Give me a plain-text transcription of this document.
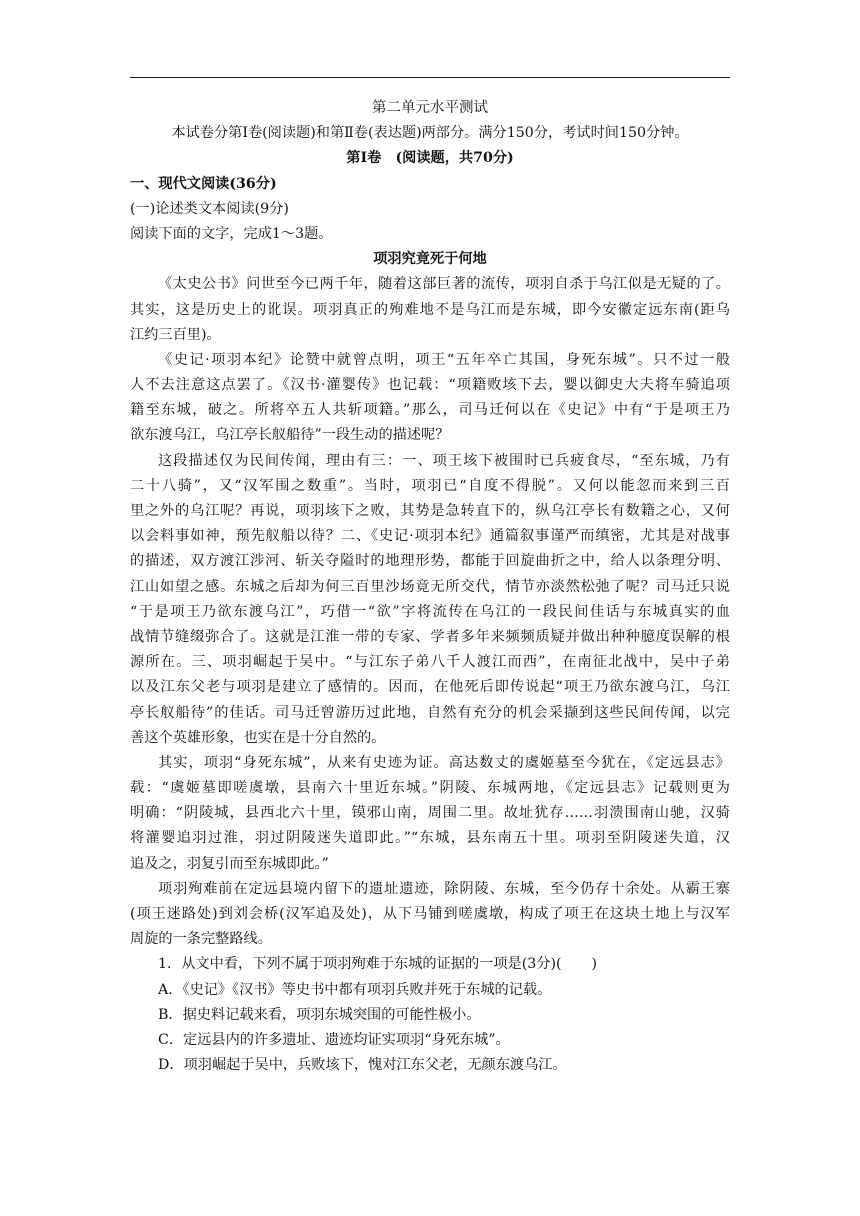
第二单元水平测试
本试卷分第Ⅰ卷(阅读题)和第Ⅱ卷(表达题)两部分。满分150分，考试时间150分钟。
第Ⅰ卷　(阅读题，共70分)
一、现代文阅读(36分)
(一)论述类文本阅读(9分)
阅读下面的文字，完成1～3题。
项羽究竟死于何地
《太史公书》问世至今已两千年，随着这部巨著的流传，项羽自杀于乌江似是无疑的了。
其实，这是历史上的讹误。项羽真正的殉难地不是乌江而是东城，即今安徽定远东南(距乌
江约三百里)。
《史记·项羽本纪》论赞中就曾点明，项王“五年卒亡其国，身死东城”。只不过一般
人不去注意这点罢了。《汉书·灌婴传》也记载：“项籍败垓下去，婴以御史大夫将车骑追项
籍至东城，破之。所将卒五人共斩项籍。”那么，司马迁何以在《史记》中有“于是项王乃
欲东渡乌江，乌江亭长舣船待”一段生动的描述呢？
这段描述仅为民间传闻，理由有三：一、项王垓下被围时已兵疲食尽，“至东城，乃有
二十八骑”，又“汉军围之数重”。当时，项羽已“自度不得脱”。又何以能忽而来到三百
里之外的乌江呢？再说，项羽垓下之败，其势是急转直下的，纵乌江亭长有数籍之心，又何
以会料事如神，预先舣船以待？二、《史记·项羽本纪》通篇叙事谨严而缜密，尤其是对战事
的描述，双方渡江涉河、斩关夺隘时的地理形势，都能于回旋曲折之中，给人以条理分明、
江山如望之感。东城之后却为何三百里沙场竟无所交代，情节亦淡然松弛了呢？司马迁只说
“于是项王乃欲东渡乌江”，巧借一“欲”字将流传在乌江的一段民间佳话与东城真实的血
战情节缝缀弥合了。这就是江淮一带的专家、学者多年来频频质疑并做出种种臆度误解的根
源所在。三、项羽崛起于吴中。“与江东子弟八千人渡江而西”，在南征北战中，吴中子弟
以及江东父老与项羽是建立了感情的。因而，在他死后即传说起“项王乃欲东渡乌江，乌江
亭长舣船待”的佳话。司马迁曾游历过此地，自然有充分的机会采撷到这些民间传闻，以完
善这个英雄形象，也实在是十分自然的。
其实，项羽“身死东城”，从来有史迹为证。高达数丈的虞姬墓至今犹在，《定远县志》
载：“虞姬墓即嗟虞墩，县南六十里近东城。”阴陵、东城两地，《定远县志》记载则更为
明确：“阴陵城，县西北六十里，镆邪山南，周围二里。故址犹存……羽溃围南山驰，汉骑
将灌婴追羽过淮，羽过阴陵迷失道即此。”“东城，县东南五十里。项羽至阴陵迷失道，汉
追及之，羽复引而至东城即此。”
项羽殉难前在定远县境内留下的遗址遗迹，除阴陵、东城，至今仍存十余处。从霸王寨
(项王迷路处)到刘会桥(汉军追及处)，从下马铺到嗟虞墩，构成了项王在这块土地上与汉军
周旋的一条完整路线。
1．从文中看，下列不属于项羽殉难于东城的证据的一项是(3分)( )
A．《史记》《汉书》等史书中都有项羽兵败并死于东城的记载。
B．据史料记载来看，项羽东城突围的可能性极小。
C．定远县内的许多遗址、遗迹均证实项羽“身死东城”。
D．项羽崛起于吴中，兵败垓下，愧对江东父老，无颜东渡乌江。
